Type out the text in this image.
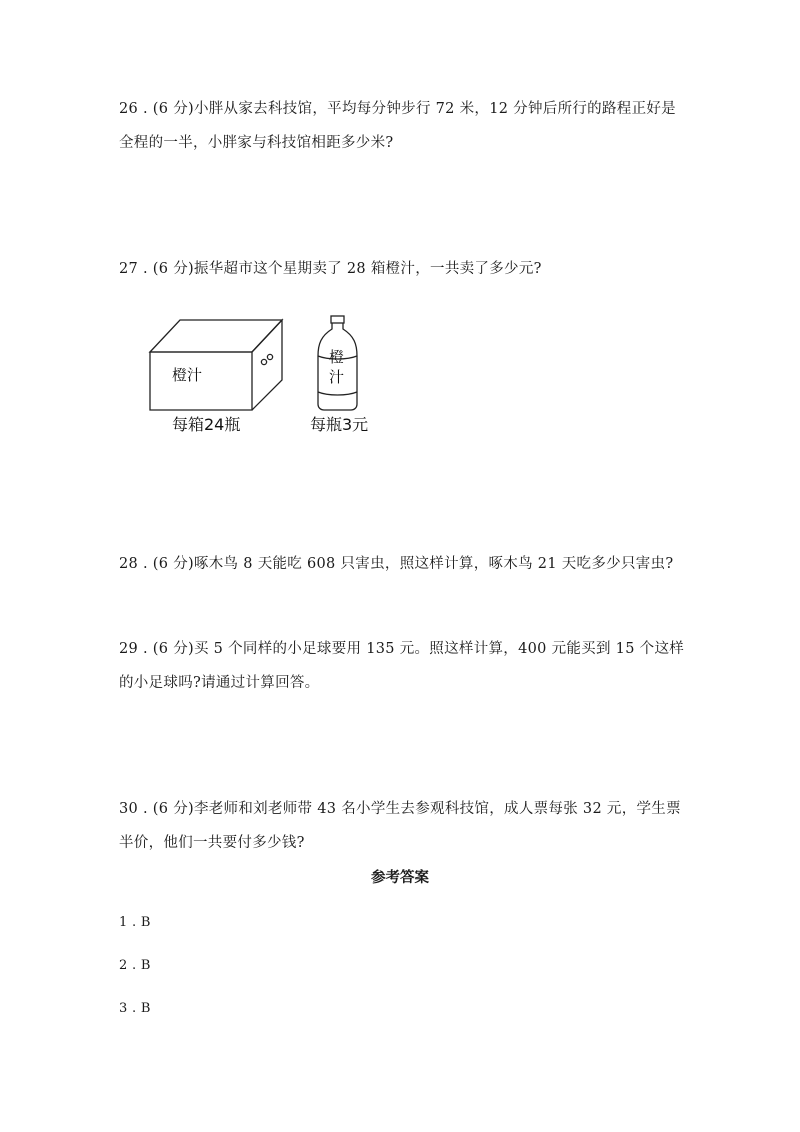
26 . (6 分)小胖从家去科技馆，平均每分钟步行 72 米，12 分钟后所行的路程正好是全程的一半，小胖家与科技馆相距多少米?

27 . (6 分)振华超市这个星期卖了 28 箱橙汁，一共卖了多少元?

橙汁
每箱24瓶
橙
汁
每瓶3元

28 . (6 分)啄木鸟 8 天能吃 608 只害虫，照这样计算，啄木鸟 21 天吃多少只害虫?

29 . (6 分)买 5 个同样的小足球要用 135 元。照这样计算，400 元能买到 15 个这样的小足球吗?请通过计算回答。

30 . (6 分)李老师和刘老师带 43 名小学生去参观科技馆，成人票每张 32 元，学生票半价，他们一共要付多少钱?

参考答案

1 . B

2 . B

3 . B
